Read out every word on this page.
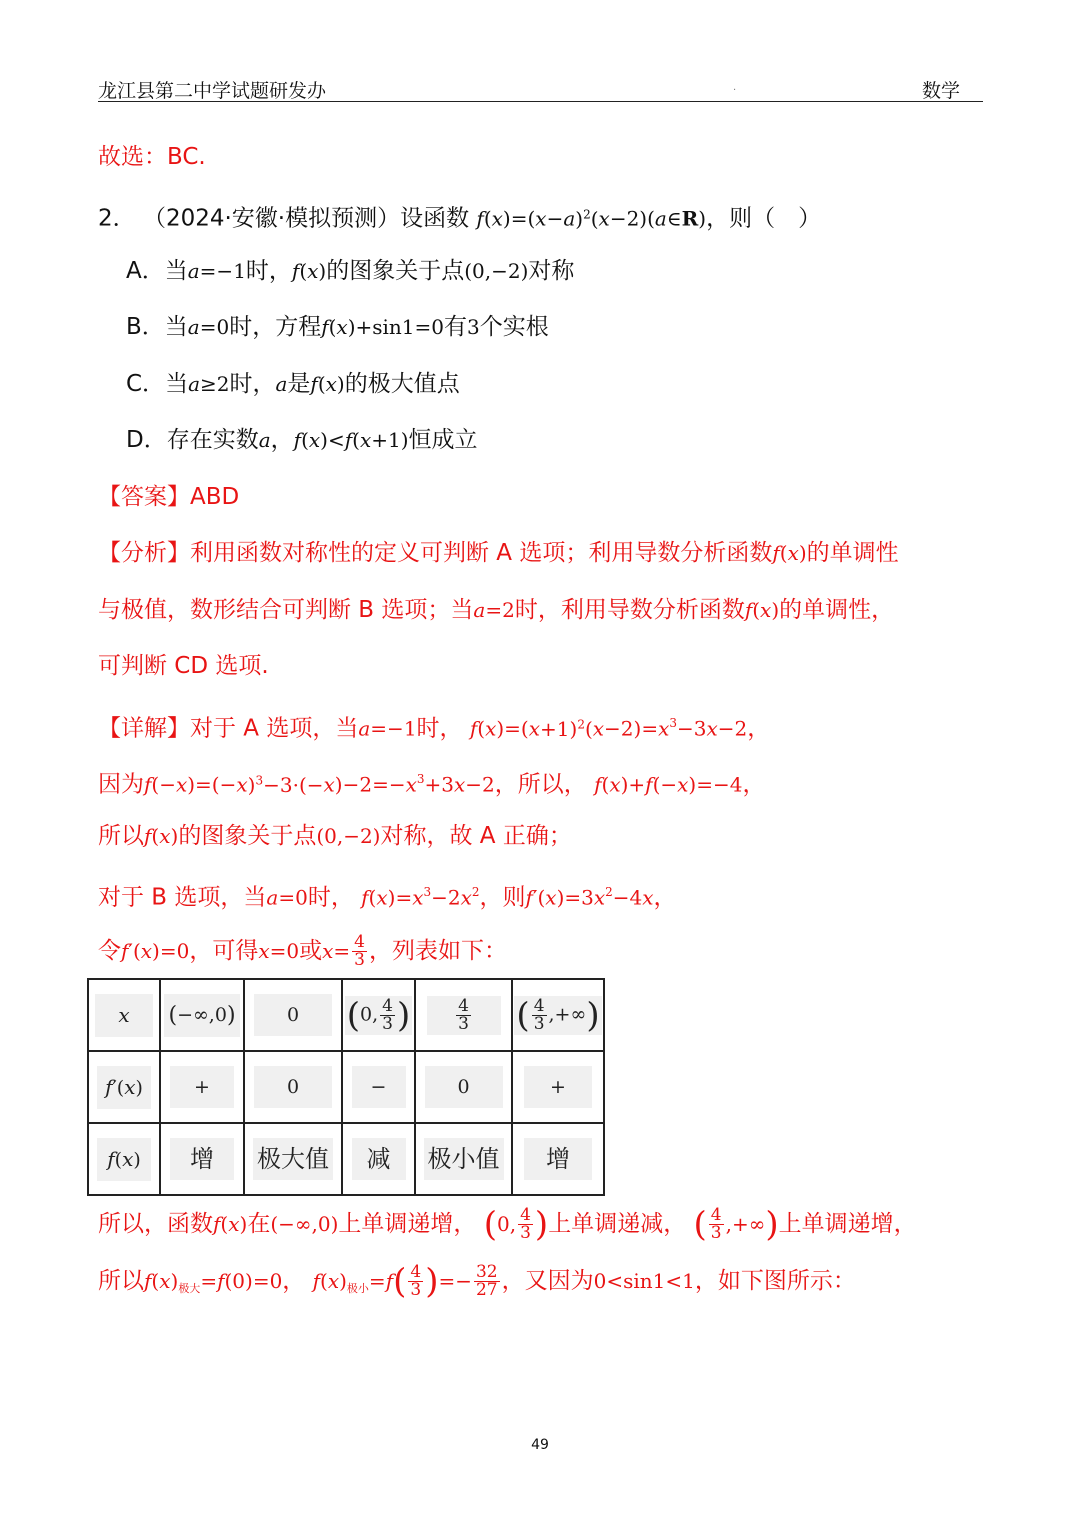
龙江县第二中学试题研发办	.	数学
故选：BC.
2． （2024·安徽·模拟预测）设函数 $f(x)=(x-a)^2(x-2)(a\in R)$，则（　）
A．当a=−1时，f(x)的图象关于点(0,−2)对称
B．当a=0时，方程f(x)+sin1=0有3个实根
C．当a≥2时，a是f(x)的极大值点
D．存在实数a，f(x)<f(x+1)恒成立
【答案】ABD
【分析】利用函数对称性的定义可判断 A 选项；利用导数分析函数f(x)的单调性
与极值，数形结合可判断 B 选项；当a=2时，利用导数分析函数f(x)的单调性，
可判断 CD 选项.
【详解】对于 A 选项，当a=−1时， $f(x)=(x+1)^2(x-2)=x^3-3x-2$，
因为$f(-x)=(-x)^3-3\cdot(-x)-2=-x^3+3x-2$，所以， f(x)+f(−x)=−4，
所以f(x)的图象关于点(0,−2)对称，故 A 正确；
对于 B 选项，当a=0时， $f(x)=x^3-2x^2$，则$f'(x)=3x^2-4x$，
令f′(x)=0，可得x=0或$x= \frac{4}{3}$ ，列表如下：
x	(−∞,0)	0	(0, $\frac{4}{3}$ )	$\frac{4}{3}$	( $\frac{4}{3}$ ,+∞)
f′(x)	+	0	−	0	+
f(x)	增	极大值	减	极小值	增
所以，函数f(x)在(−∞,0)上单调递增， (0, $\frac{4}{3}$ )上单调递减， ( $\frac{4}{3}$ ,+∞)上单调递增，
所以$f(x)_{极大}=f(0)=0$， $f(x)_{极小}=f( \frac{4}{3}$ )=− $\frac{32}{27}$ ，又因为0<sin1<1，如下图所示：
49
